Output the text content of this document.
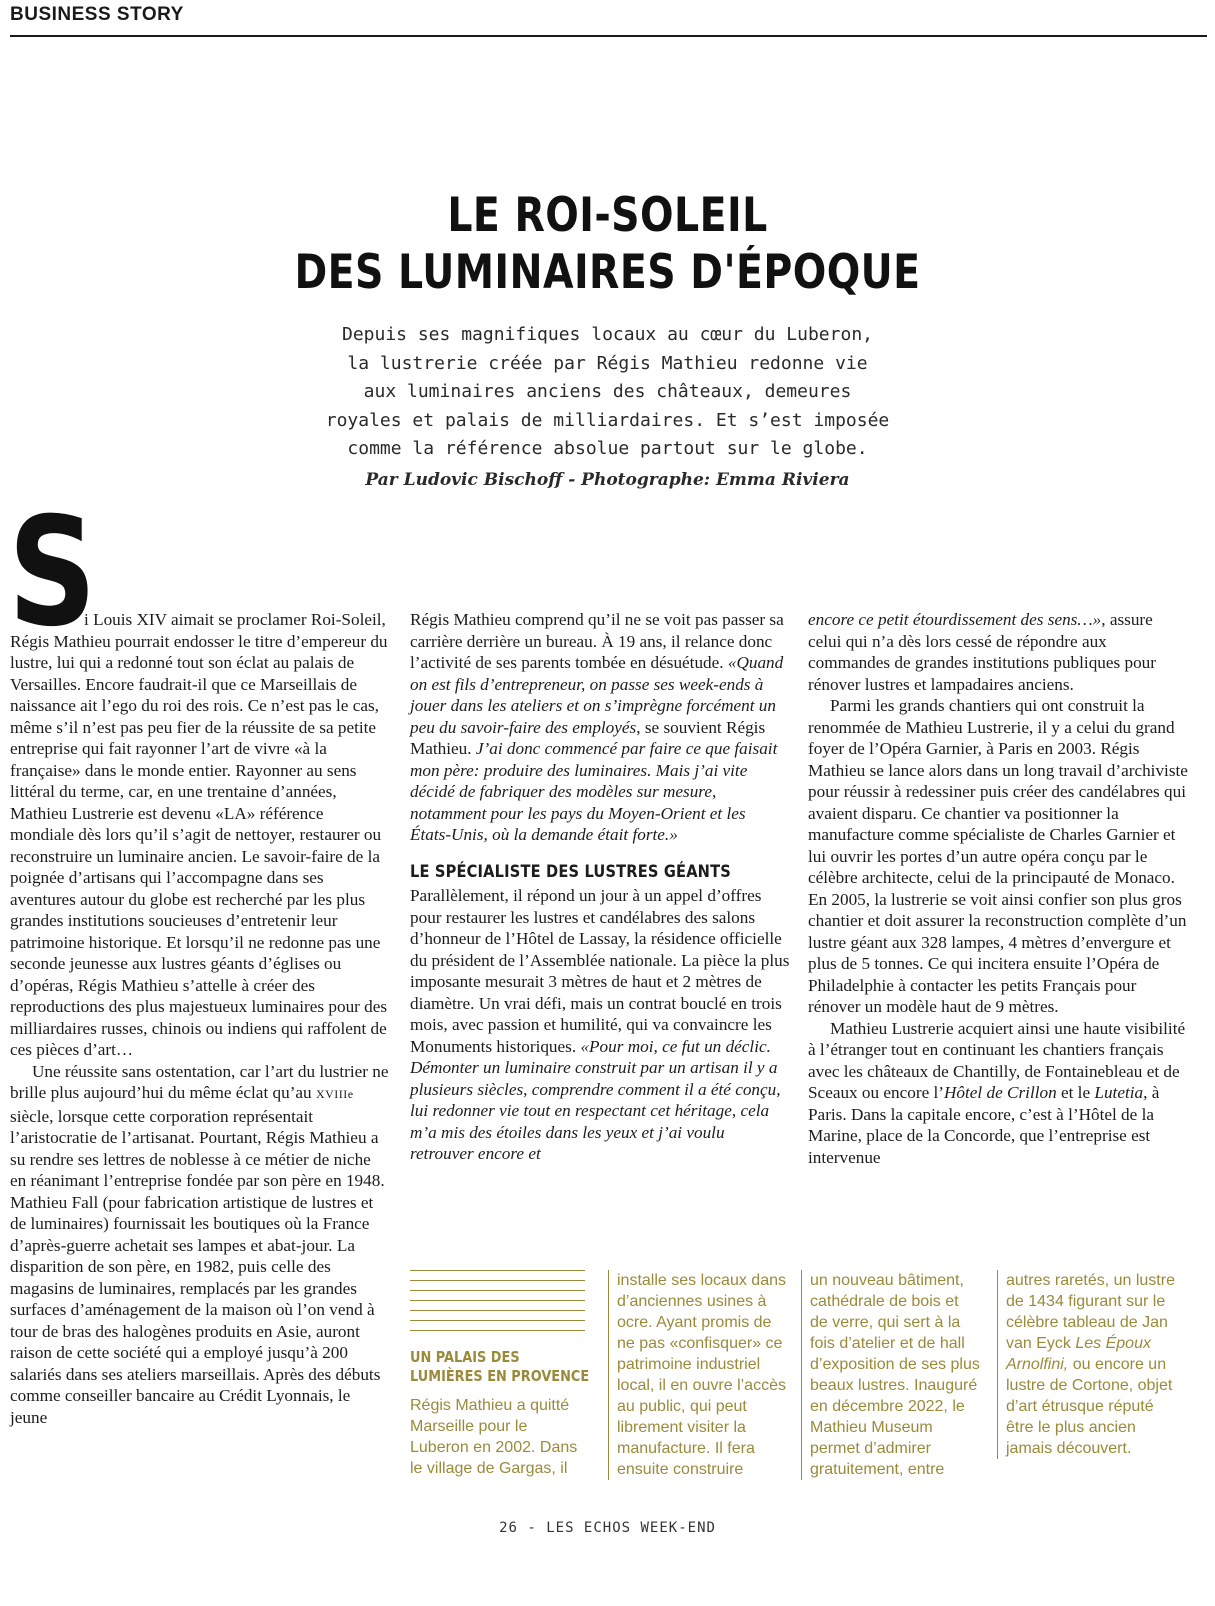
BUSINESS STORY
LE ROI-SOLEIL
DES LUMINAIRES D'ÉPOQUE
Depuis ses magnifiques locaux au cœur du Luberon,
la lustrerie créée par Régis Mathieu redonne vie
aux luminaires anciens des châteaux, demeures
royales et palais de milliardaires. Et s’est imposée
comme la référence absolue partout sur le globe.
Par Ludovic Bischoff - Photographe: Emma Riviera
S

i Louis XIV aimait se proclamer Roi-Soleil, Régis Mathieu pourrait endosser le titre d’empereur du lustre, lui qui a redonné tout son éclat au palais de Versailles. Encore faudrait-il que ce Marseillais de naissance ait l’ego du roi des rois. Ce n’est pas le cas, même s’il n’est pas peu fier de la réussite de sa petite entreprise qui fait rayonner l’art de vivre «à la française» dans le monde entier. Rayonner au sens littéral du terme, car, en une trentaine d’années, Mathieu Lustrerie est devenu «LA» référence mondiale dès lors qu’il s’agit de nettoyer, restaurer ou reconstruire un luminaire ancien. Le savoir-faire de la poignée d’artisans qui l’accompagne dans ses aventures autour du globe est recherché par les plus grandes institutions soucieuses d’entretenir leur patrimoine historique. Et lorsqu’il ne redonne pas une seconde jeunesse aux lustres géants d’églises ou d’opéras, Régis Mathieu s’attelle à créer des reproductions des plus majestueux luminaires pour des milliardaires russes, chinois ou indiens qui raffolent de ces pièces d’art…

Une réussite sans ostentation, car l’art du lustrier ne brille plus aujourd’hui du même éclat qu’au XVIIIe siècle, lorsque cette corporation représentait l’aristocratie de l’artisanat. Pourtant, Régis Mathieu a su rendre ses lettres de noblesse à ce métier de niche en réanimant l’entreprise fondée par son père en 1948. Mathieu Fall (pour fabrication artistique de lustres et de luminaires) fournissait les boutiques où la France d’après-guerre achetait ses lampes et abat-jour. La disparition de son père, en 1982, puis celle des magasins de luminaires, remplacés par les grandes surfaces d’aménagement de la maison où l’on vend à tour de bras des halogènes produits en Asie, auront raison de cette société qui a employé jusqu’à 200 salariés dans ses ateliers marseillais. Après des débuts comme conseiller bancaire au Crédit Lyonnais, le jeune

Régis Mathieu comprend qu’il ne se voit pas passer sa carrière derrière un bureau. À 19 ans, il relance donc l’activité de ses parents tombée en désuétude. «Quand on est fils d’entrepreneur, on passe ses week-ends à jouer dans les ateliers et on s’imprègne forcément un peu du savoir-faire des employés, se souvient Régis Mathieu. J’ai donc commencé par faire ce que faisait mon père: produire des luminaires. Mais j’ai vite décidé de fabriquer des modèles sur mesure, notamment pour les pays du Moyen-Orient et les États-Unis, où la demande était forte.»

LE SPÉCIALISTE DES LUSTRES GÉANTS

Parallèlement, il répond un jour à un appel d’offres pour restaurer les lustres et candélabres des salons d’honneur de l’Hôtel de Lassay, la résidence officielle du président de l’Assemblée nationale. La pièce la plus imposante mesurait 3 mètres de haut et 2 mètres de diamètre. Un vrai défi, mais un contrat bouclé en trois mois, avec passion et humilité, qui va convaincre les Monuments historiques. «Pour moi, ce fut un déclic. Démonter un luminaire construit par un artisan il y a plusieurs siècles, comprendre comment il a été conçu, lui redonner vie tout en respectant cet héritage, cela m’a mis des étoiles dans les yeux et j’ai voulu retrouver encore et

encore ce petit étourdissement des sens…», assure celui qui n’a dès lors cessé de répondre aux commandes de grandes institutions publiques pour rénover lustres et lampadaires anciens.

Parmi les grands chantiers qui ont construit la renommée de Mathieu Lustrerie, il y a celui du grand foyer de l’Opéra Garnier, à Paris en 2003. Régis Mathieu se lance alors dans un long travail d’archiviste pour réussir à redessiner puis créer des candélabres qui avaient disparu. Ce chantier va positionner la manufacture comme spécialiste de Charles Garnier et lui ouvrir les portes d’un autre opéra conçu par le célèbre architecte, celui de la principauté de Monaco. En 2005, la lustrerie se voit ainsi confier son plus gros chantier et doit assurer la reconstruction complète d’un lustre géant aux 328 lampes, 4 mètres d’envergure et plus de 5 tonnes. Ce qui incitera ensuite l’Opéra de Philadelphie à contacter les petits Français pour rénover un modèle haut de 9 mètres.

Mathieu Lustrerie acquiert ainsi une haute visibilité à l’étranger tout en continuant les chantiers français avec les châteaux de Chantilly, de Fontainebleau et de Sceaux ou encore l’Hôtel de Crillon et le Lutetia, à Paris. Dans la capitale encore, c’est à l’Hôtel de la Marine, place de la Concorde, que l’entreprise est intervenue

UN PALAIS DES
LUMIÈRES EN PROVENCE
Régis Mathieu a quitté Marseille pour le Luberon en 2002. Dans le village de Gargas, il
installe ses locaux dans d’anciennes usines à ocre. Ayant promis de ne pas «confisquer» ce patrimoine industriel local, il en ouvre l’accès au public, qui peut librement visiter la manufacture. Il fera ensuite construire
un nouveau bâtiment, cathédrale de bois et de verre, qui sert à la fois d’atelier et de hall d’exposition de ses plus beaux lustres. Inauguré en décembre 2022, le Mathieu Museum permet d’admirer gratuitement, entre
autres raretés, un lustre de 1434 figurant sur le célèbre tableau de Jan van Eyck Les Époux Arnolfini, ou encore un lustre de Cortone, objet d’art étrusque réputé être le plus ancien jamais découvert.
26 - LES ECHOS WEEK-END
